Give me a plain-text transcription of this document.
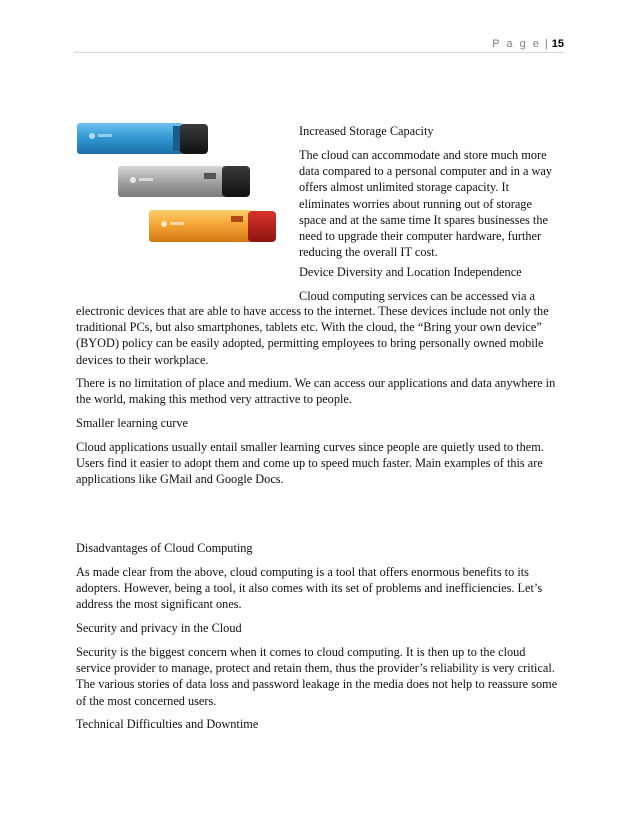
P a g e | 15

Increased Storage Capacity

The cloud can accommodate and store much more data compared to a personal computer and in a way offers almost unlimited storage capacity. It eliminates worries about running out of storage space and at the same time It spares businesses the need to upgrade their computer hardware, further reducing the overall IT cost.

Device Diversity and Location Independence

Cloud computing services can be accessed via a

electronic devices that are able to have access to the internet. These devices include not only the traditional PCs, but also smartphones, tablets etc. With the cloud, the “Bring your own device” (BYOD) policy can be easily adopted, permitting employees to bring personally owned mobile devices to their workplace.

There is no limitation of place and medium. We can access our applications and data anywhere in the world, making this method very attractive to people.

Smaller learning curve

Cloud applications usually entail smaller learning curves since people are quietly used to them. Users find it easier to adopt them and come up to speed much faster. Main examples of this are applications like GMail and Google Docs.

Disadvantages of Cloud Computing

As made clear from the above, cloud computing is a tool that offers enormous benefits to its adopters. However, being a tool, it also comes with its set of problems and inefficiencies. Let’s address the most significant ones.

Security and privacy in the Cloud

Security is the biggest concern when it comes to cloud computing. It is then up to the cloud service provider to manage, protect and retain them, thus the provider’s reliability is very critical. The various stories of data loss and password leakage in the media does not help to reassure some of the most concerned users.

Technical Difficulties and Downtime
